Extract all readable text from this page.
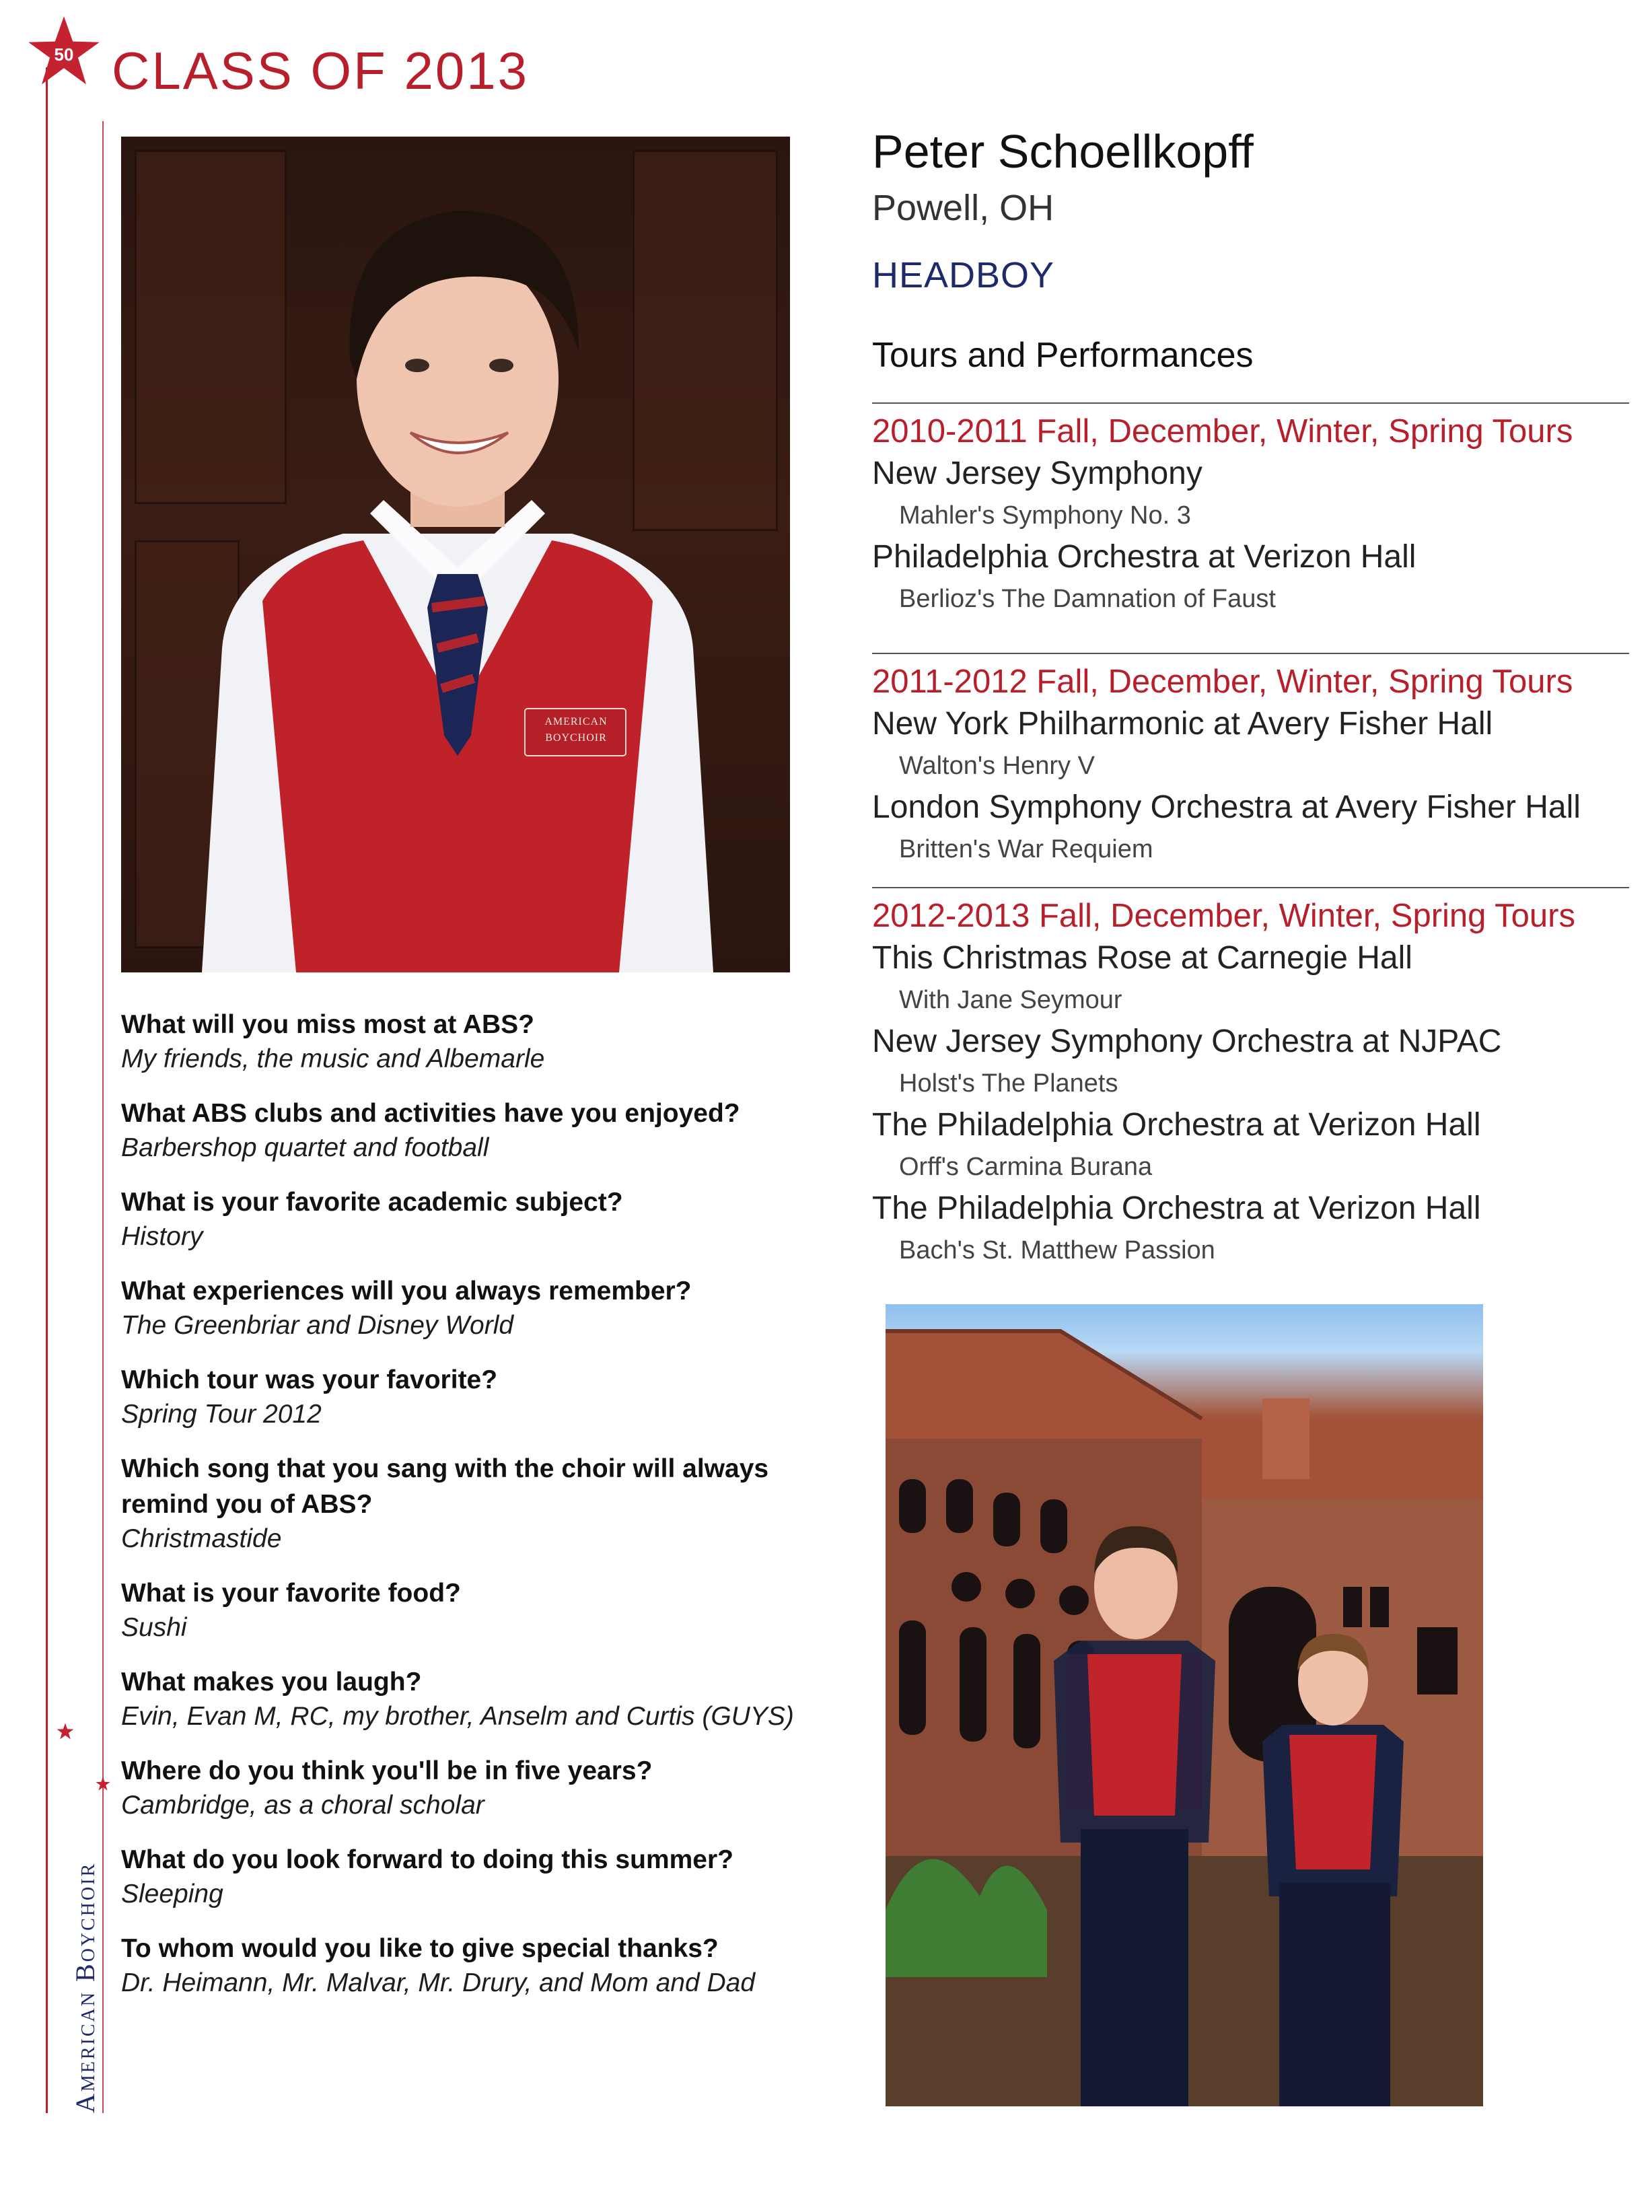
50 CLASS OF 2013
American Boychoir
AMERICAN BOYCHOIR
What will you miss most at ABS?
My friends, the music and Albemarle
What ABS clubs and activities have you enjoyed?
Barbershop quartet and football
What is your favorite academic subject?
History
What experiences will you always remember?
The Greenbriar and Disney World
Which tour was your favorite?
Spring Tour 2012
Which song that you sang with the choir will always remind you of ABS?
Christmastide
What is your favorite food?
Sushi
What makes you laugh?
Evin, Evan M, RC, my brother, Anselm and Curtis (GUYS)
Where do you think you'll be in five years?
Cambridge, as a choral scholar
What do you look forward to doing this summer?
Sleeping
To whom would you like to give special thanks?
Dr. Heimann, Mr. Malvar, Mr. Drury, and Mom and Dad
Peter Schoellkopff
Powell, OH
HEADBOY
Tours and Performances
2010-2011 Fall, December, Winter, Spring Tours
New Jersey Symphony
Mahler's Symphony No. 3
Philadelphia Orchestra at Verizon Hall
Berlioz's The Damnation of Faust
2011-2012 Fall, December, Winter, Spring Tours
New York Philharmonic at Avery Fisher Hall
Walton's Henry V
London Symphony Orchestra at Avery Fisher Hall
Britten's War Requiem
2012-2013 Fall, December, Winter, Spring Tours
This Christmas Rose at Carnegie Hall
With Jane Seymour
New Jersey Symphony Orchestra at NJPAC
Holst's The Planets
The Philadelphia Orchestra at Verizon Hall
Orff's Carmina Burana
The Philadelphia Orchestra at Verizon Hall
Bach's St. Matthew Passion
